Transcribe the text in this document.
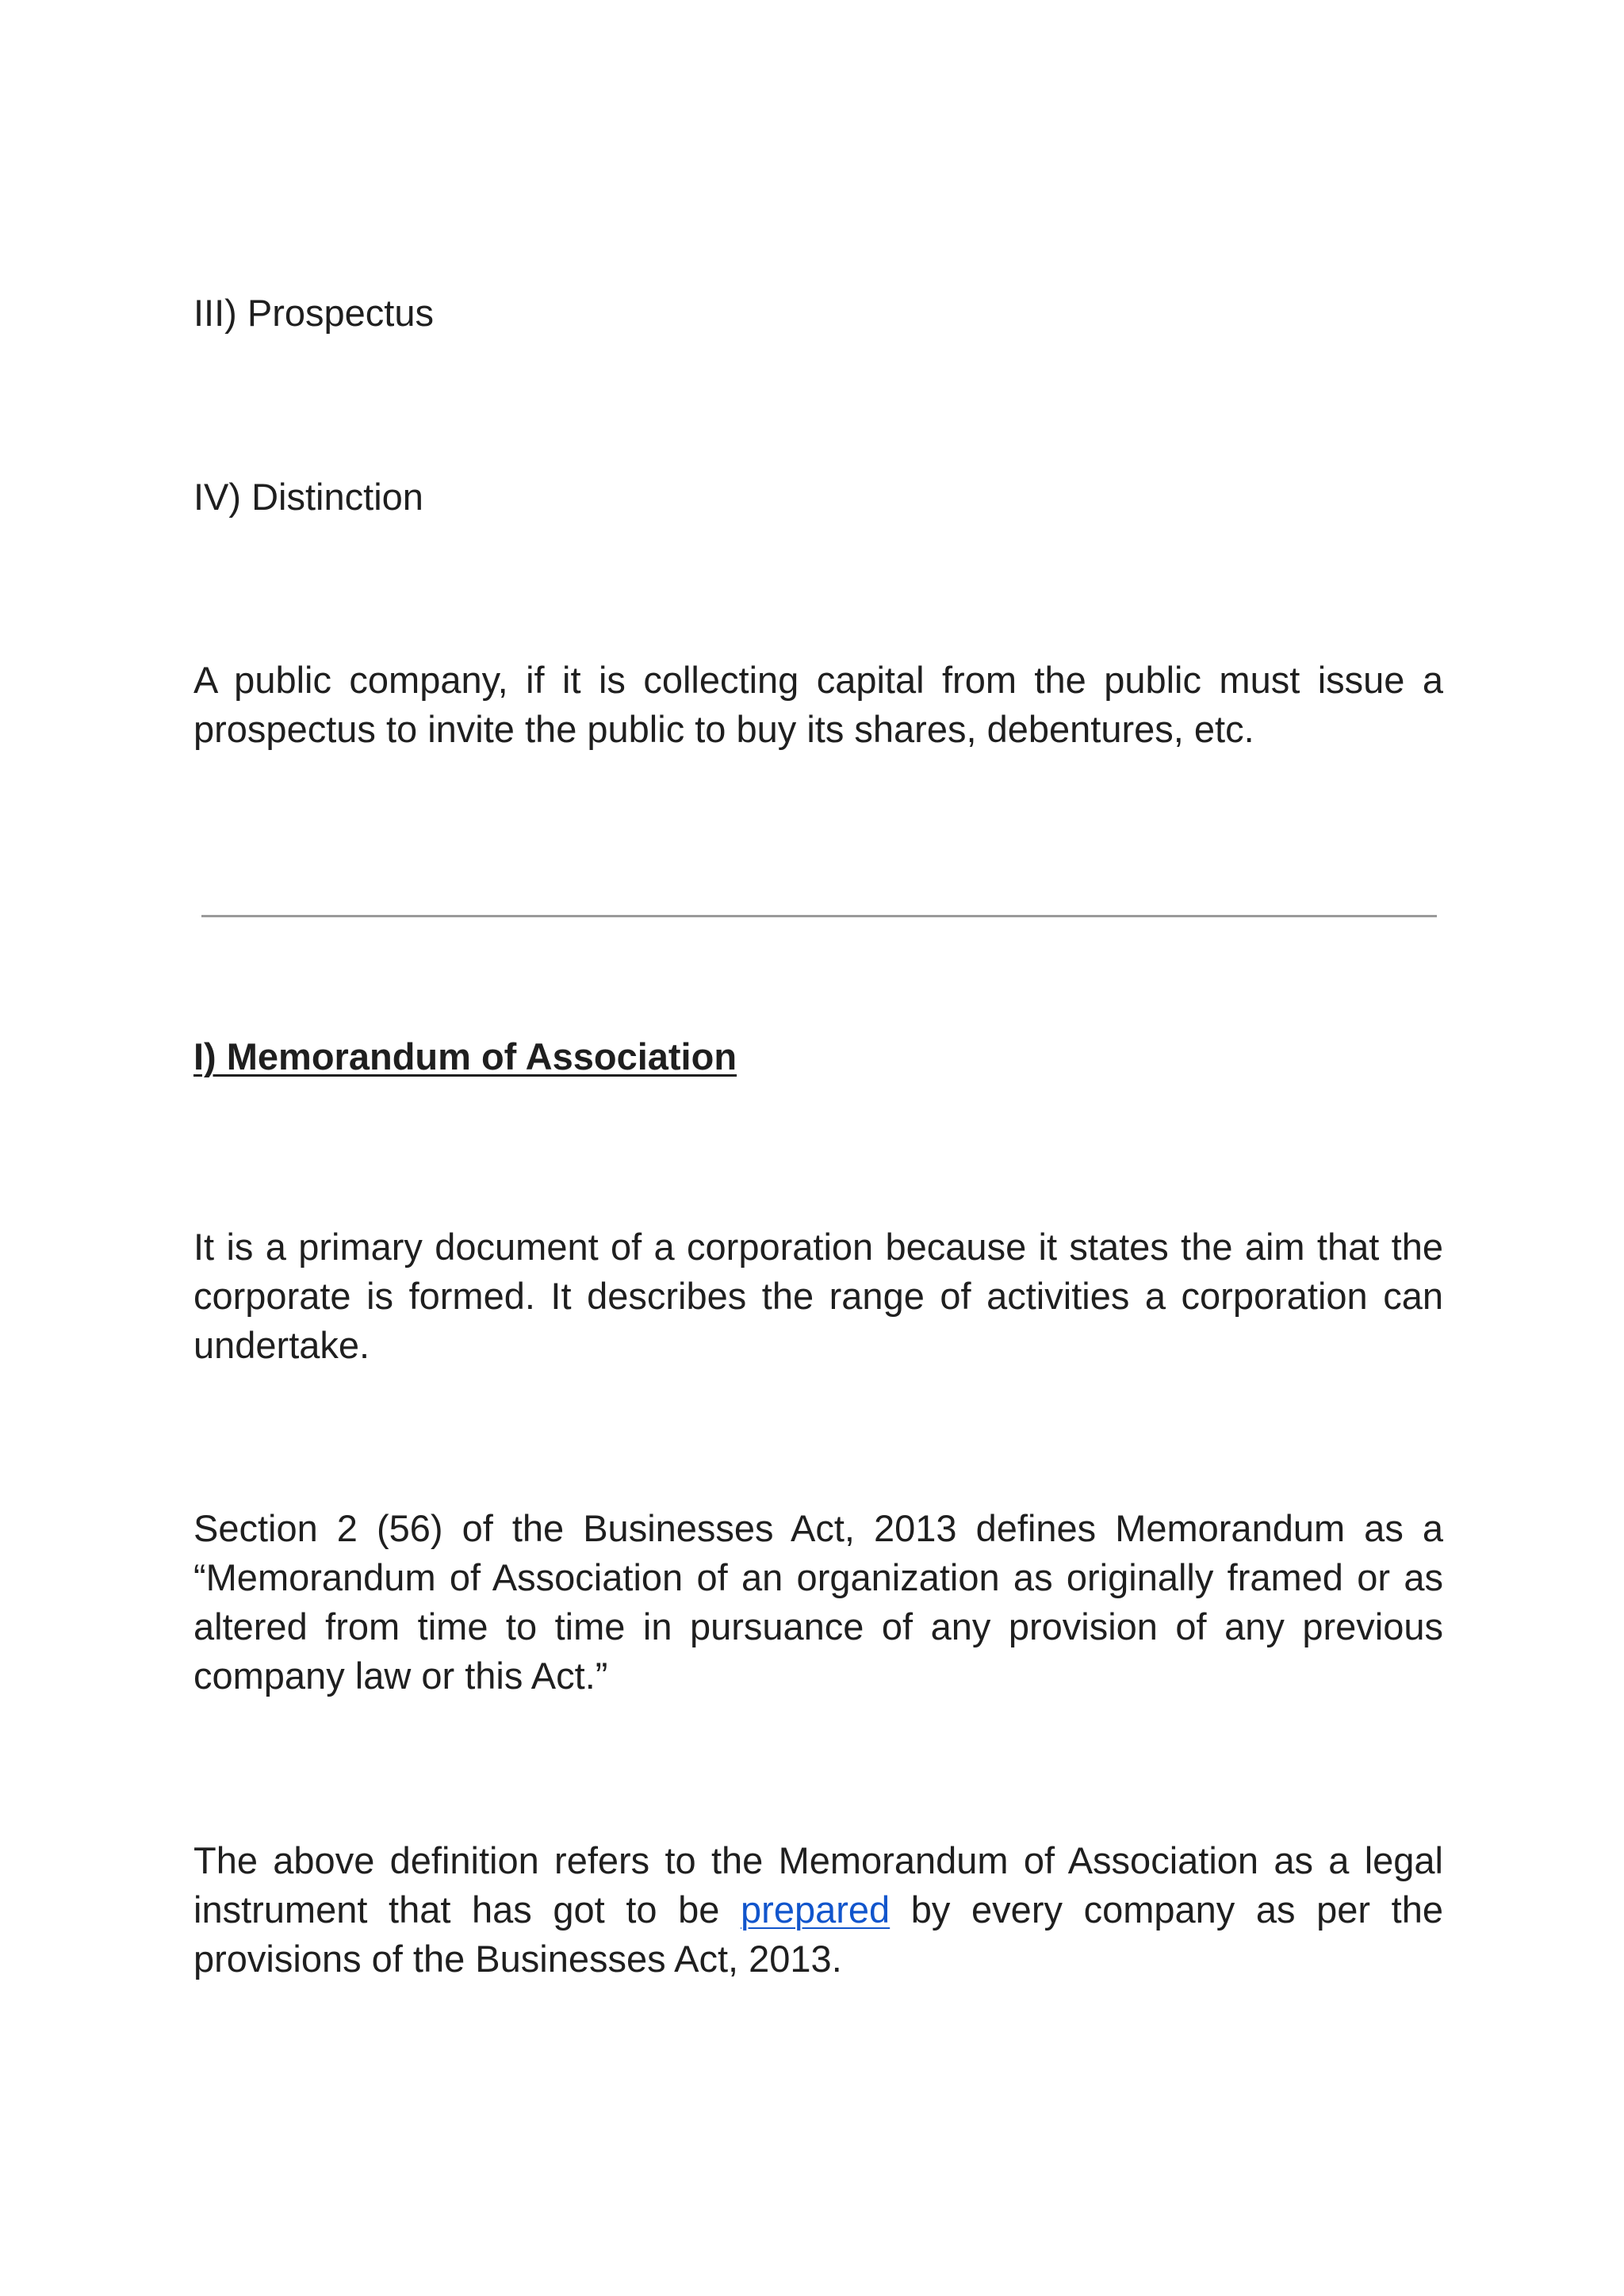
III) Prospectus

IV) Distinction

A public company, if it is collecting capital from the public must issue a prospectus to invite the public to buy its shares, debentures, etc.

I) Memorandum of Association

It is a primary document of a corporation because it states the aim that the corporate is formed. It describes the range of activities a corporation can undertake.

Section 2 (56) of the Businesses Act, 2013 defines Memorandum as a “Memorandum of Association of an organization as originally framed or as altered from time to time in pursuance of any provision of any previous company law or this Act.”

The above definition refers to the Memorandum of Association as a legal instrument that has got to be prepared by every company as per the provisions of the Businesses Act, 2013.
